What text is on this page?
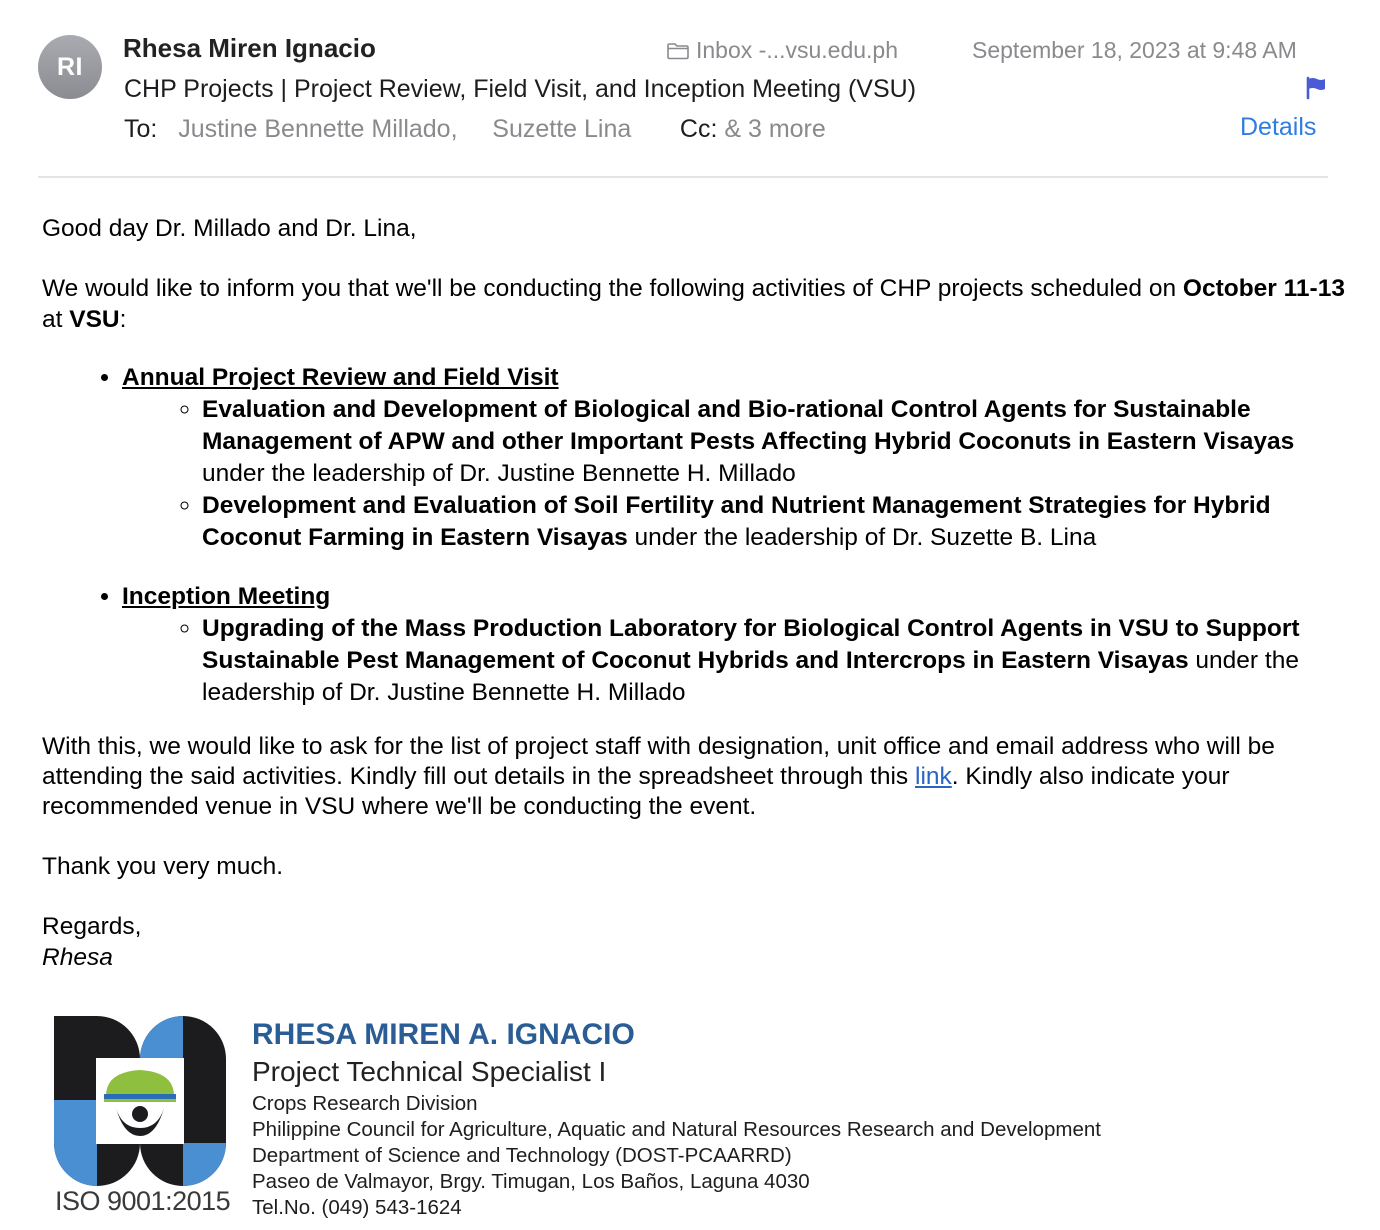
RI
Rhesa Miren Ignacio	Inbox -...vsu.edu.ph	September 18, 2023 at 9:48 AM
CHP Projects | Project Review, Field Visit, and Inception Meeting (VSU)
To: Justine Bennette Millado, Suzette Lina Cc: & 3 more	Details

Good day Dr. Millado and Dr. Lina,

We would like to inform you that we'll be conducting the following activities of CHP projects scheduled on October 11-13 at VSU:

• Annual Project Review and Field Visit
◦ Evaluation and Development of Biological and Bio-rational Control Agents for Sustainable Management of APW and other Important Pests Affecting Hybrid Coconuts in Eastern Visayas under the leadership of Dr. Justine Bennette H. Millado
◦ Development and Evaluation of Soil Fertility and Nutrient Management Strategies for Hybrid Coconut Farming in Eastern Visayas under the leadership of Dr. Suzette B. Lina
• Inception Meeting
◦ Upgrading of the Mass Production Laboratory for Biological Control Agents in VSU to Support Sustainable Pest Management of Coconut Hybrids and Intercrops in Eastern Visayas under the leadership of Dr. Justine Bennette H. Millado

With this, we would like to ask for the list of project staff with designation, unit office and email address who will be attending the said activities. Kindly fill out details in the spreadsheet through this link. Kindly also indicate your recommended venue in VSU where we'll be conducting the event.

Thank you very much.

Regards,

Rhesa

ISO 9001:2015
RHESA MIREN A. IGNACIO
Project Technical Specialist I
Crops Research Division
Philippine Council for Agriculture, Aquatic and Natural Resources Research and Development
Department of Science and Technology (DOST-PCAARRD)
Paseo de Valmayor, Brgy. Timugan, Los Baños, Laguna 4030
Tel.No. (049) 543-1624
